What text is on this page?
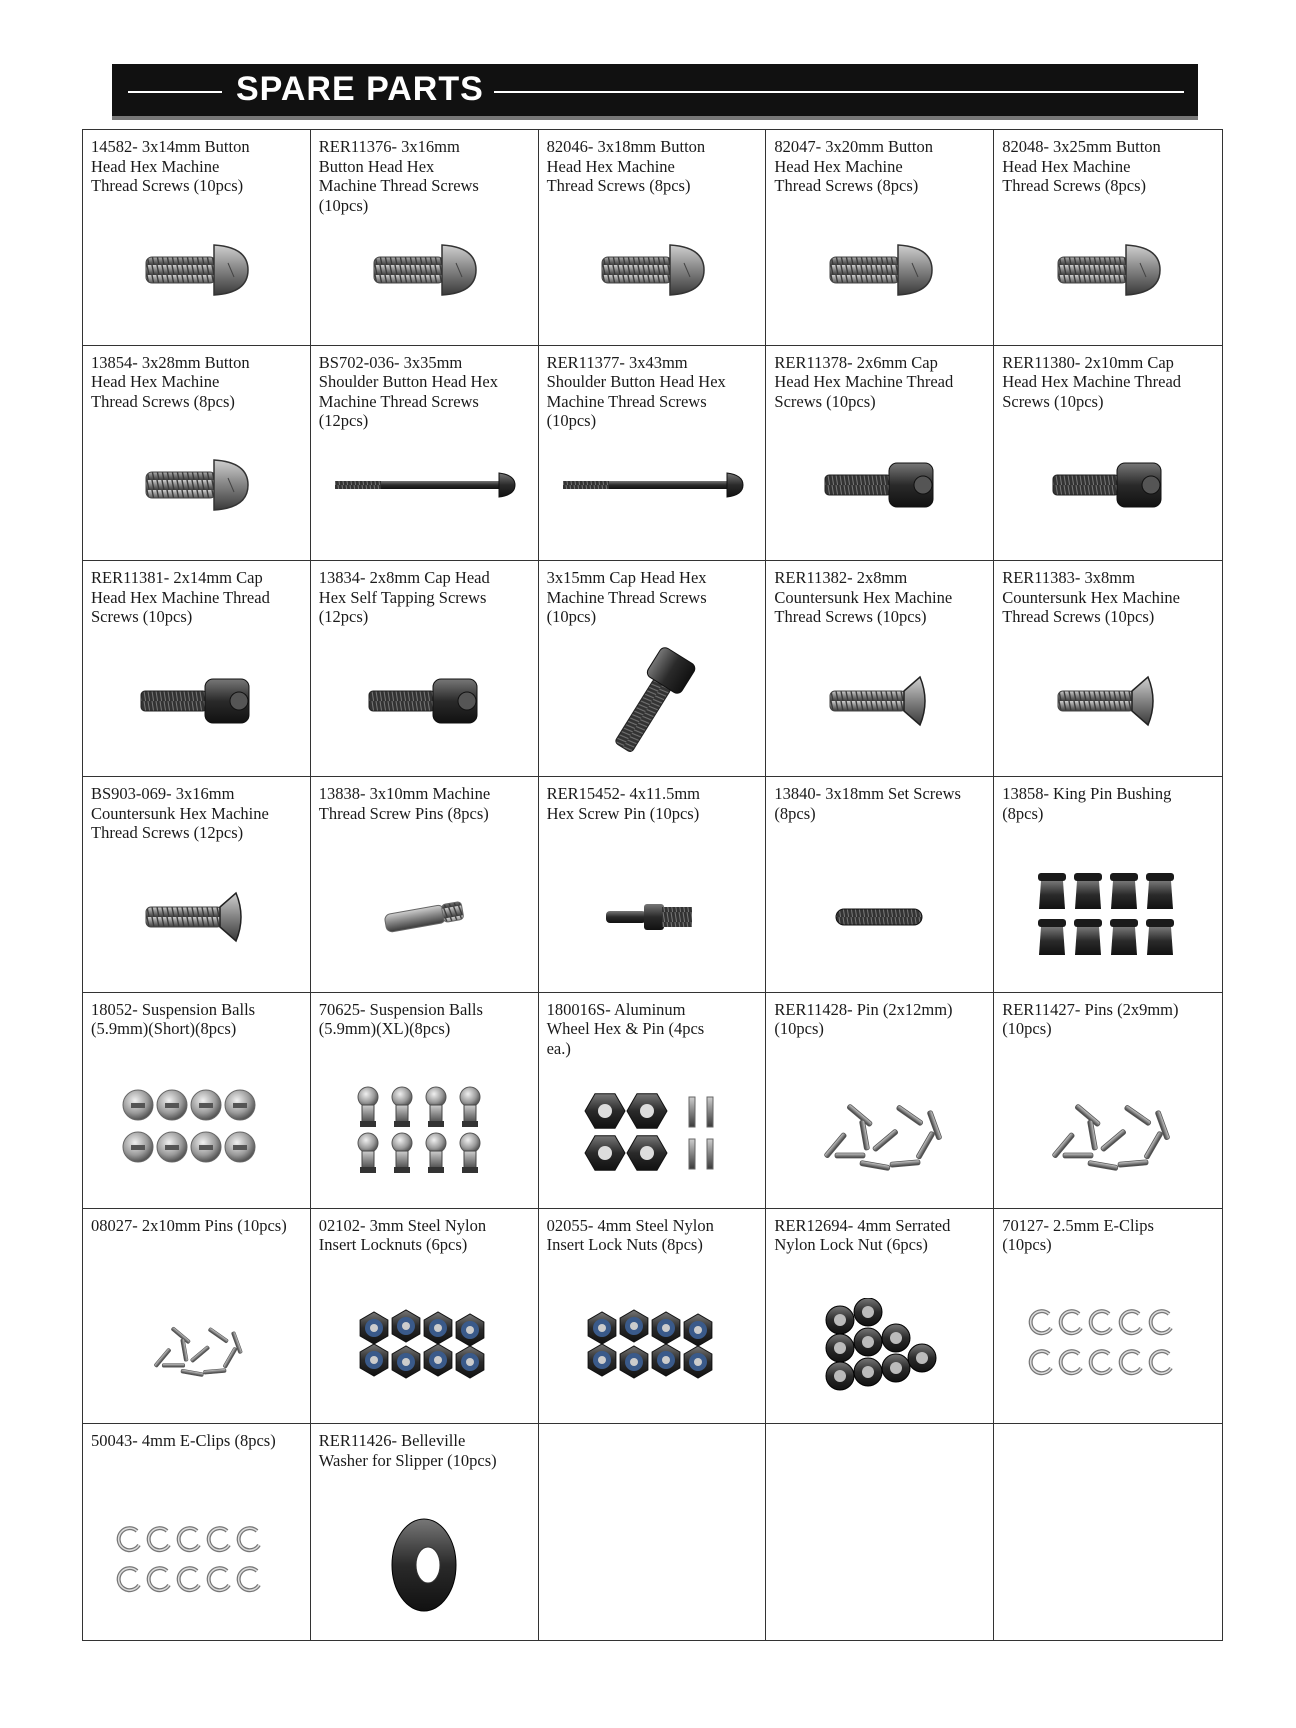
SPARE PARTS
14582- 3x14mm Button
Head Hex Machine
Thread Screws (10pcs)
RER11376- 3x16mm
Button Head Hex
Machine Thread Screws
(10pcs)
82046- 3x18mm Button
Head Hex Machine
Thread Screws (8pcs)
82047- 3x20mm Button
Head Hex Machine
Thread Screws (8pcs)
82048- 3x25mm Button
Head Hex Machine
Thread Screws (8pcs)
13854- 3x28mm Button
Head Hex Machine
Thread Screws (8pcs)
BS702-036- 3x35mm
Shoulder Button Head Hex
Machine Thread Screws
(12pcs)
RER11377- 3x43mm
Shoulder Button Head Hex
Machine Thread Screws
(10pcs)
RER11378- 2x6mm Cap
Head Hex Machine Thread
Screws (10pcs)
RER11380- 2x10mm Cap
Head Hex Machine Thread
Screws (10pcs)
RER11381- 2x14mm Cap
Head Hex Machine Thread
Screws (10pcs)
13834- 2x8mm Cap Head
Hex Self Tapping Screws
(12pcs)
3x15mm Cap Head Hex
Machine Thread Screws
(10pcs)
RER11382- 2x8mm
Countersunk Hex Machine
Thread Screws (10pcs)
RER11383- 3x8mm
Countersunk Hex Machine
Thread Screws (10pcs)
BS903-069- 3x16mm
Countersunk Hex Machine
Thread Screws (12pcs)
13838- 3x10mm Machine
Thread Screw Pins (8pcs)
RER15452- 4x11.5mm
Hex Screw Pin (10pcs)
13840- 3x18mm Set Screws
(8pcs)
13858- King Pin Bushing
(8pcs)
18052- Suspension Balls
(5.9mm)(Short)(8pcs)
70625- Suspension Balls
(5.9mm)(XL)(8pcs)
180016S- Aluminum
Wheel Hex & Pin (4pcs
ea.)
RER11428- Pin (2x12mm)
(10pcs)
RER11427- Pins (2x9mm)
(10pcs)
08027- 2x10mm Pins (10pcs)	02102- 3mm Steel Nylon
Insert Locknuts (6pcs)
02055- 4mm Steel Nylon
Insert Lock Nuts (8pcs)
RER12694- 4mm Serrated
Nylon Lock Nut (6pcs)
70127- 2.5mm E-Clips
(10pcs)
50043- 4mm E-Clips (8pcs)	RER11426- Belleville
Washer for Slipper (10pcs)
